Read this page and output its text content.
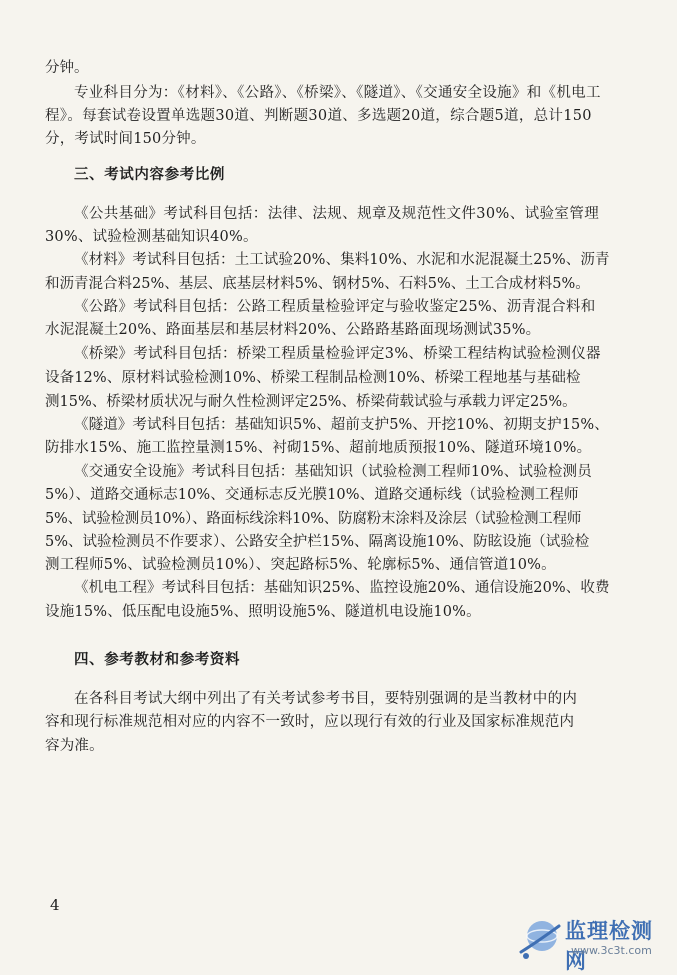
分钟。
专业科目分为：《材料》、《公路》、《桥梁》、《隧道》、《交通安全设施》和《机电工
程》。每套试卷设置单选题30道、判断题30道、多选题20道，综合题5道，总计150
分，考试时间150分钟。
三、考试内容参考比例
《公共基础》考试科目包括：法律、法规、规章及规范性文件30%、试验室管理
30%、试验检测基础知识40%。
《材料》考试科目包括：土工试验20%、集料10%、水泥和水泥混凝土25%、沥青
和沥青混合料25%、基层、底基层材料5%、钢材5%、石料5%、土工合成材料5%。
《公路》考试科目包括：公路工程质量检验评定与验收鉴定25%、沥青混合料和
水泥混凝土20%、路面基层和基层材料20%、公路路基路面现场测试35%。
《桥梁》考试科目包括：桥梁工程质量检验评定3%、桥梁工程结构试验检测仪器
设备12%、原材料试验检测10%、桥梁工程制品检测10%、桥梁工程地基与基础检
测15%、桥梁材质状况与耐久性检测评定25%、桥梁荷载试验与承载力评定25%。
《隧道》考试科目包括：基础知识5%、超前支护5%、开挖10%、初期支护15%、
防排水15%、施工监控量测15%、衬砌15%、超前地质预报10%、隧道环境10%。
《交通安全设施》考试科目包括：基础知识（试验检测工程师10%、试验检测员
5%）、道路交通标志10%、交通标志反光膜10%、道路交通标线（试验检测工程师
5%、试验检测员10%）、路面标线涂料10%、防腐粉末涂料及涂层（试验检测工程师
5%、试验检测员不作要求）、公路安全护栏15%、隔离设施10%、防眩设施（试验检
测工程师5%、试验检测员10%）、突起路标5%、轮廓标5%、通信管道10%。
《机电工程》考试科目包括：基础知识25%、监控设施20%、通信设施20%、收费
设施15%、低压配电设施5%、照明设施5%、隧道机电设施10%。
四、参考教材和参考资料
在各科目考试大纲中列出了有关考试参考书目，要特别强调的是当教材中的内
容和现行标准规范相对应的内容不一致时，应以现行有效的行业及国家标准规范内
容为准。
4
监理检测网
www.3c3t.com
